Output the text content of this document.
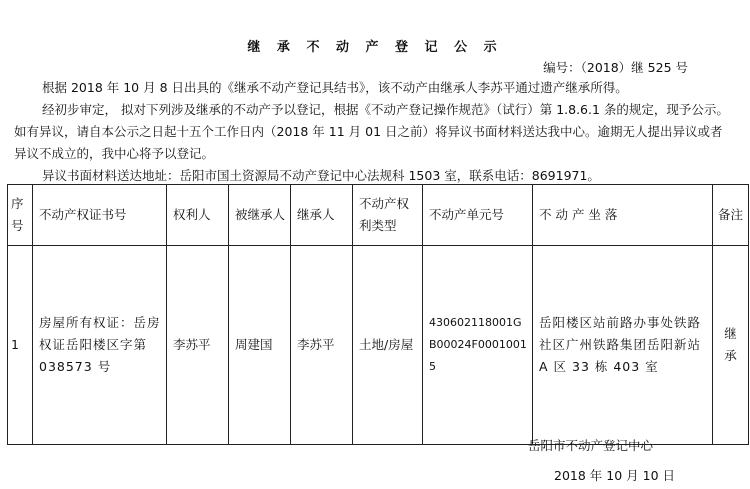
继 承 不 动 产 登 记 公 示
编号：（2018）继 525 号
根据 2018 年 10 月 8 日出具的《继承不动产登记具结书》，该不动产由继承人李苏平通过遗产继承所得。
经初步审定， 拟对下列涉及继承的不动产予以登记，根据《不动产登记操作规范》（试行）第 1.8.6.1 条的规定，现予公示。如有异议，请自本公示之日起十五个工作日内（2018 年 11 月 01 日之前）将异议书面材料送达我中心。逾期无人提出异议或者异议不成立的，我中心将予以登记。
异议书面材料送达地址：岳阳市国土资源局不动产登记中心法规科 1503 室，联系电话：8691971。
序号	不动产权证书号	权利人	被继承人	继承人	不动产权利类型	不动产单元号	不 动 产 坐 落	备注
1	房屋所有权证：岳房权证岳阳楼区字第 038573 号	李苏平	周建国	李苏平	土地/房屋	430602118001GB00024F00010015	岳阳楼区站前路办事处铁路社区广州铁路集团岳阳新站 A 区 33 栋 403 室	继承
岳阳市不动产登记中心
2018 年 10 月 10 日
